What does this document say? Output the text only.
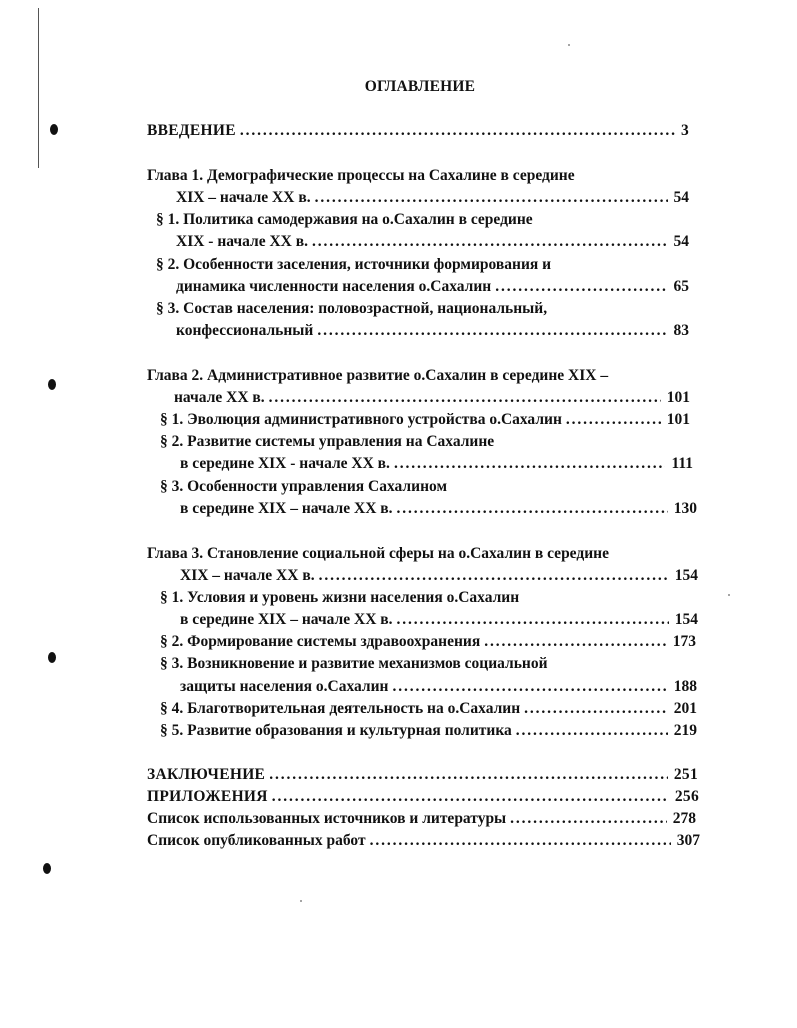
ОГЛАВЛЕНИЕ
ВВЕДЕНИЕ . . .	3
Глава 1. Демографические процессы на Сахалине в середине
XIX – начале XX в. . . .	54
§ 1. Политика самодержавия на о.Сахалин в середине
XIX - начале XX в. . . .	54
§ 2. Особенности заселения, источники формирования и
динамика численности населения о.Сахалин . . .	65
§ 3. Состав населения: половозрастной, национальный,
конфессиональный . . .	83
Глава 2. Административное развитие о.Сахалин в середине XIX –
начале XX в. . . .	101
§ 1. Эволюция административного устройства о.Сахалин . . .	101
§ 2. Развитие системы управления на Сахалине
в середине XIX - начале XX в. . . .	111
§ 3. Особенности управления Сахалином
в середине XIX – начале XX в. . . .	130
Глава 3. Становление социальной сферы на о.Сахалин в середине
XIX – начале XX в. . . .	154
§ 1. Условия и уровень жизни населения о.Сахалин
в середине XIX – начале XX в. . . .	154
§ 2. Формирование системы здравоохранения . . .	173
§ 3. Возникновение и развитие механизмов социальной
защиты населения о.Сахалин . . .	188
§ 4. Благотворительная деятельность на о.Сахалин . . .	201
§ 5. Развитие образования и культурная политика . . .	219
ЗАКЛЮЧЕНИЕ . . .	251
ПРИЛОЖЕНИЯ . . .	256
Список использованных источников и литературы . . .	278
Список опубликованных работ . . .	307
